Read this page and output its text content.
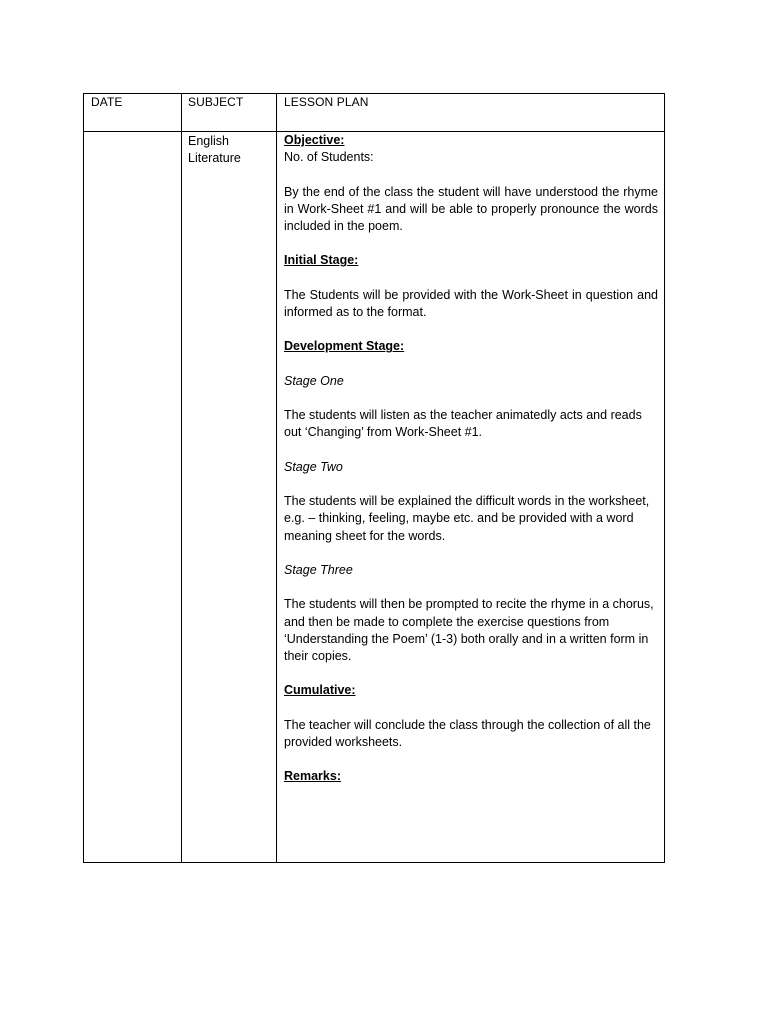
DATE	SUBJECT	LESSON PLAN

English

Literature

Objective:

No. of Students:

By the end of the class the student will have understood the rhyme in Work-Sheet #1 and will be able to properly pronounce the words included in the poem.

Initial Stage:

The Students will be provided with the Work-Sheet in question and informed as to the format.

Development Stage:

Stage One

The students will listen as the teacher animatedly acts and reads out ‘Changing’ from Work-Sheet #1.

Stage Two

The students will be explained the difficult words in the worksheet, e.g. – thinking, feeling, maybe etc. and be provided with a word meaning sheet for the words.

Stage Three

The students will then be prompted to recite the rhyme in a chorus, and then be made to complete the exercise questions from ‘Understanding the Poem’ (1-3) both orally and in a written form in their copies.

Cumulative:

The teacher will conclude the class through the collection of all the provided worksheets.

Remarks:
